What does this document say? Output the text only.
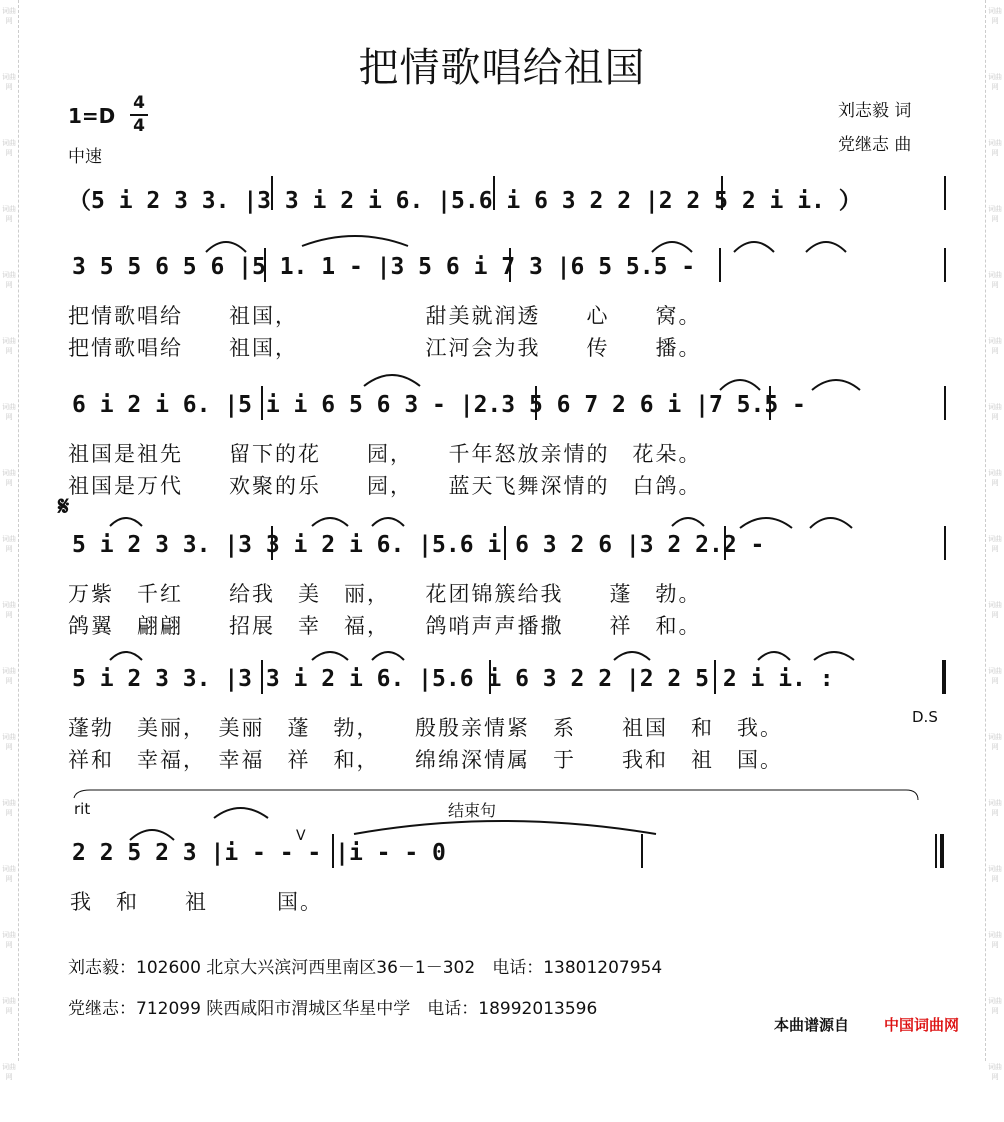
词曲网
词曲网
词曲网
词曲网
词曲网
词曲网
词曲网
词曲网
词曲网
词曲网
词曲网
词曲网
词曲网
词曲网
词曲网
词曲网
词曲网
词曲网
词曲网
词曲网
词曲网
词曲网
词曲网
词曲网
词曲网
词曲网
词曲网
词曲网
词曲网
词曲网
词曲网
词曲网
词曲网
词曲网
把情歌唱给祖国
1=D
4
4
中速
刘志毅 词
党继志 曲
（5 i 2 3 3. |3 3 i 2 i 6. |5.6 i 6 3 2 2 |2 2 5 2 i i. ）
3 5 5 6 5 6 |5 1. 1 - |3 5 6 i 7 3 |6 5 5.5 -
把情歌唱给　　祖国，　　　　　　甜美就润透　　心　　窝。
把情歌唱给　　祖国，　　　　　　江河会为我　　传　　播。
6 i 2 i 6. |5 i i 6 5 6 3 - |2.3 5 6 7 2 6 i |7 5.5 -
祖国是祖先　　留下的花　　园，　　千年怒放亲情的　花朵。
祖国是万代　　欢聚的乐　　园，　　蓝天飞舞深情的　白鸽。
𝄋
5 i 2 3 3. |3 3 i 2 i 6. |5.6 i 6 3 2 6 |3 2 2.2 -
万紫　千红　　给我　美　丽，　　花团锦簇给我　　蓬　勃。
鸽翼　翩翩　　招展　幸　福，　　鸽哨声声播撒　　祥　和。
5 i 2 3 3. |3 3 i 2 i 6. |5.6 i 6 3 2 2 |2 2 5 2 i i. :
蓬勃　美丽，　美丽　蓬　勃，　　殷殷亲情紧　系　　祖国　和　我。
祥和　幸福，　幸福　祥　和，　　绵绵深情属　于　　我和　祖　国。
D.S
rit	结束句
V
2 2 5 2 3 |i - - - |i - - 0
我　和　　祖　　　国。
刘志毅：102600 北京大兴滨河西里南区36－1－302　电话：13801207954
党继志：712099 陕西咸阳市渭城区华星中学　电话：18992013596
本曲谱源自 中国词曲网
